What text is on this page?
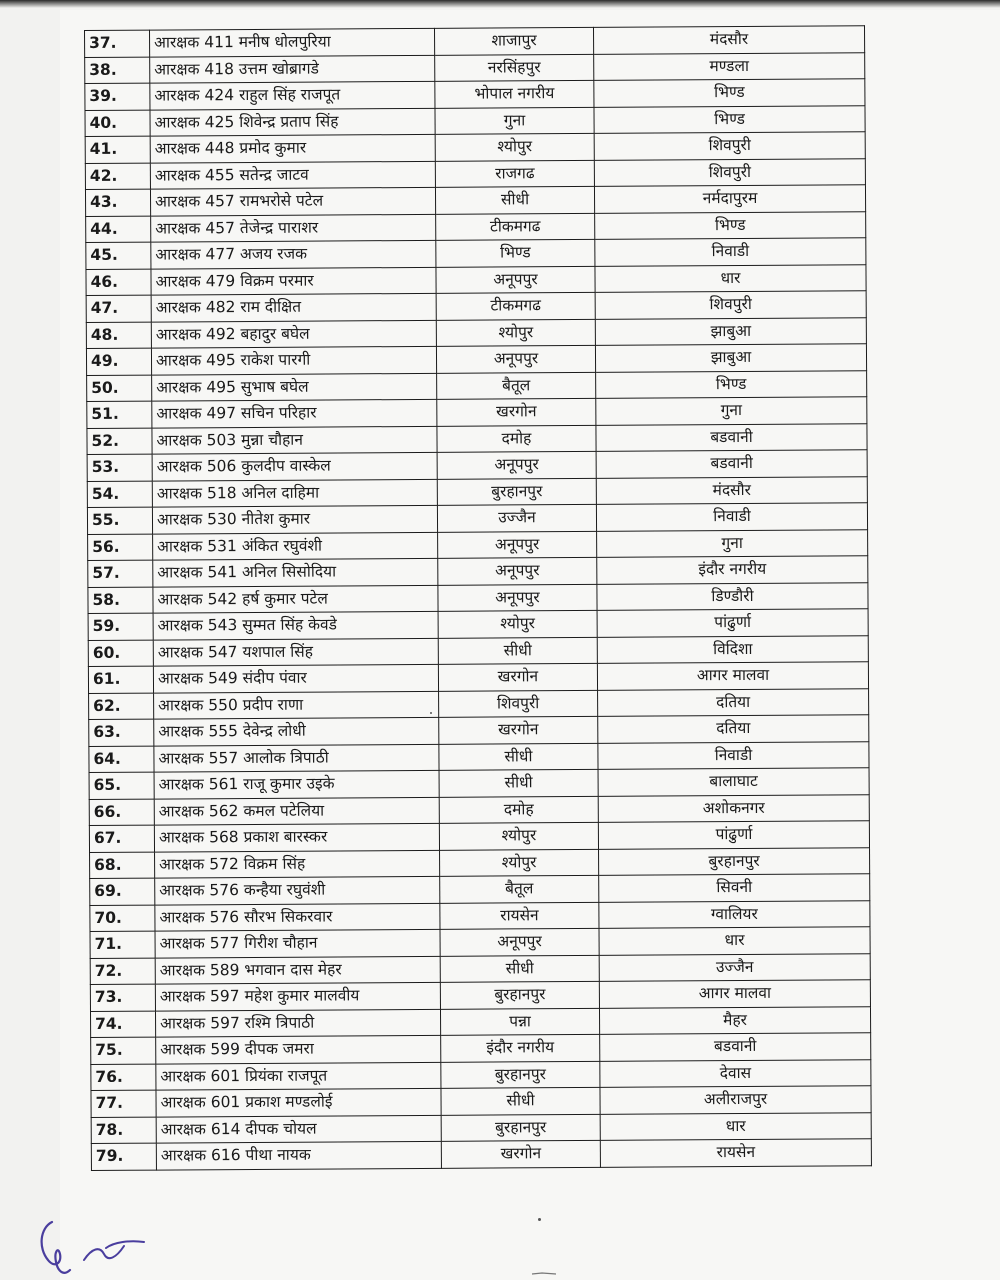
37.	आरक्षक 411 मनीष धोलपुरिया	शाजापुर	मंदसौर
38.	आरक्षक 418 उत्तम खोब्रागडे	नरसिंहपुर	मण्डला
39.	आरक्षक 424 राहुल सिंह राजपूत	भोपाल नगरीय	भिण्ड
40.	आरक्षक 425 शिवेन्द्र प्रताप सिंह	गुना	भिण्ड
41.	आरक्षक 448 प्रमोद कुमार	श्योपुर	शिवपुरी
42.	आरक्षक 455 सतेन्द्र जाटव	राजगढ	शिवपुरी
43.	आरक्षक 457 रामभरोसे पटेल	सीधी	नर्मदापुरम
44.	आरक्षक 457 तेजेन्द्र पाराशर	टीकमगढ	भिण्ड
45.	आरक्षक 477 अजय रजक	भिण्ड	निवाडी
46.	आरक्षक 479 विक्रम परमार	अनूपपुर	धार
47.	आरक्षक 482 राम दीक्षित	टीकमगढ	शिवपुरी
48.	आरक्षक 492 बहादुर बघेल	श्योपुर	झाबुआ
49.	आरक्षक 495 राकेश पारगी	अनूपपुर	झाबुआ
50.	आरक्षक 495 सुभाष बघेल	बैतूल	भिण्ड
51.	आरक्षक 497 सचिन परिहार	खरगोन	गुना
52.	आरक्षक 503 मुन्ना चौहान	दमोह	बडवानी
53.	आरक्षक 506 कुलदीप वास्केल	अनूपपुर	बडवानी
54.	आरक्षक 518 अनिल दाहिमा	बुरहानपुर	मंदसौर
55.	आरक्षक 530 नीतेश कुमार	उज्जैन	निवाडी
56.	आरक्षक 531 अंकित रघुवंशी	अनूपपुर	गुना
57.	आरक्षक 541 अनिल सिसोदिया	अनूपपुर	इंदौर नगरीय
58.	आरक्षक 542 हर्ष कुमार पटेल	अनूपपुर	डिण्डौरी
59.	आरक्षक 543 सुम्मत सिंह केवडे	श्योपुर	पांढुर्णा
60.	आरक्षक 547 यशपाल सिंह	सीधी	विदिशा
61.	आरक्षक 549 संदीप पंवार	खरगोन	आगर मालवा
62.	आरक्षक 550 प्रदीप राणा	शिवपुरी	दतिया
63.	आरक्षक 555 देवेन्द्र लोधी	खरगोन	दतिया
64.	आरक्षक 557 आलोक त्रिपाठी	सीधी	निवाडी
65.	आरक्षक 561 राजू कुमार उइके	सीधी	बालाघाट
66.	आरक्षक 562 कमल पटेलिया	दमोह	अशोकनगर
67.	आरक्षक 568 प्रकाश बारस्कर	श्योपुर	पांढुर्णा
68.	आरक्षक 572 विक्रम सिंह	श्योपुर	बुरहानपुर
69.	आरक्षक 576 कन्हैया रघुवंशी	बैतूल	सिवनी
70.	आरक्षक 576 सौरभ सिकरवार	रायसेन	ग्वालियर
71.	आरक्षक 577 गिरीश चौहान	अनूपपुर	धार
72.	आरक्षक 589 भगवान दास मेहर	सीधी	उज्जैन
73.	आरक्षक 597 महेश कुमार मालवीय	बुरहानपुर	आगर मालवा
74.	आरक्षक 597 रश्मि त्रिपाठी	पन्ना	मैहर
75.	आरक्षक 599 दीपक जमरा	इंदौर नगरीय	बडवानी
76.	आरक्षक 601 प्रियंका राजपूत	बुरहानपुर	देवास
77.	आरक्षक 601 प्रकाश मण्डलोई	सीधी	अलीराजपुर
78.	आरक्षक 614 दीपक चोयल	बुरहानपुर	धार
79.	आरक्षक 616 पीथा नायक	खरगोन	रायसेन
